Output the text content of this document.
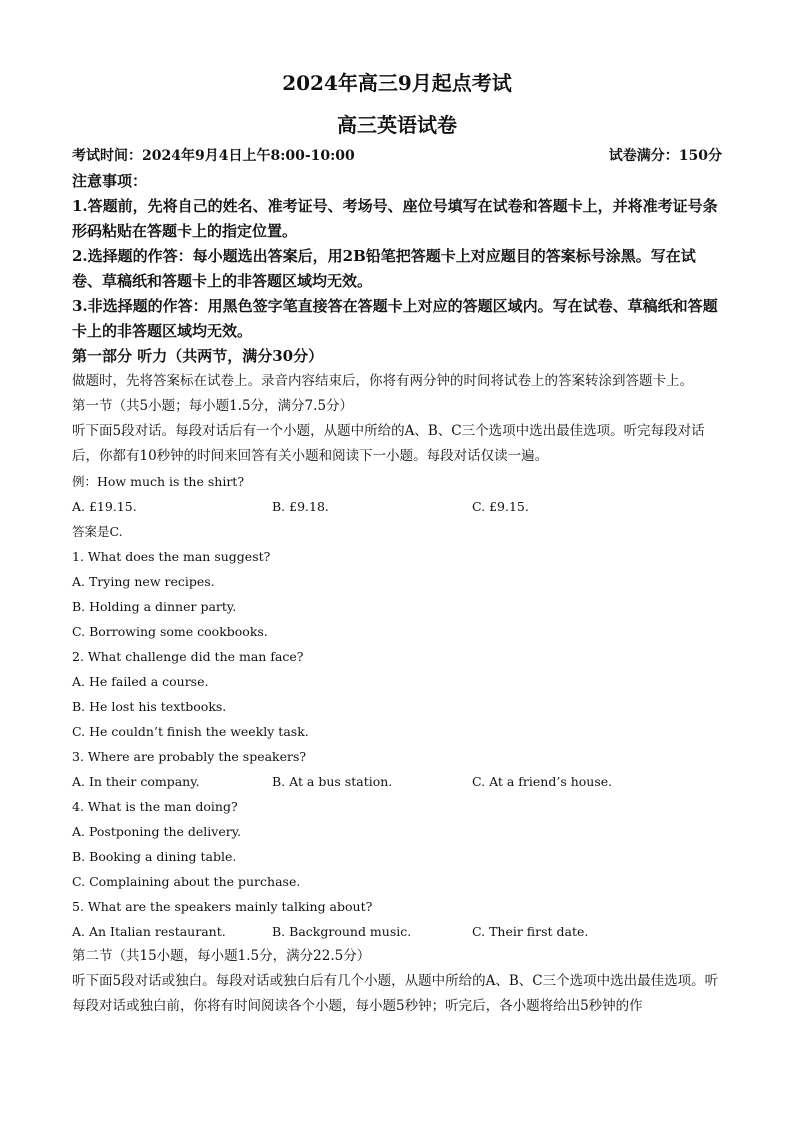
2024年高三9月起点考试
高三英语试卷
考试时间：2024年9月4日上午8:00-10:00	试卷满分：150分
注意事项：
1.答题前，先将自己的姓名、准考证号、考场号、座位号填写在试卷和答题卡上，并将准考证号条形码粘贴在答题卡上的指定位置。
2.选择题的作答：每小题选出答案后，用2B铅笔把答题卡上对应题目的答案标号涂黑。写在试卷、草稿纸和答题卡上的非答题区域均无效。
3.非选择题的作答：用黑色签字笔直接答在答题卡上对应的答题区域内。写在试卷、草稿纸和答题卡上的非答题区域均无效。
第一部分 听力（共两节，满分30分）
做题时，先将答案标在试卷上。录音内容结束后，你将有两分钟的时间将试卷上的答案转涂到答题卡上。
第一节（共5小题；每小题1.5分，满分7.5分）
听下面5段对话。每段对话后有一个小题，从题中所给的A、B、C三个选项中选出最佳选项。听完每段对话后，你都有10秒钟的时间来回答有关小题和阅读下一小题。每段对话仅读一遍。
例：How much is the shirt?
A. £19.15.	B. £9.18.	C. £9.15.
答案是C.
1. What does the man suggest?
A. Trying new recipes.
B. Holding a dinner party.
C. Borrowing some cookbooks.
2. What challenge did the man face?
A. He failed a course.
B. He lost his textbooks.
C. He couldn’t finish the weekly task.
3. Where are probably the speakers?
A. In their company.	B. At a bus station.	C. At a friend’s house.
4. What is the man doing?
A. Postponing the delivery.
B. Booking a dining table.
C. Complaining about the purchase.
5. What are the speakers mainly talking about?
A. An Italian restaurant.	B. Background music.	C. Their first date.
第二节（共15小题，每小题1.5分，满分22.5分）
听下面5段对话或独白。每段对话或独白后有几个小题，从题中所给的A、B、C三个选项中选出最佳选项。听每段对话或独白前，你将有时间阅读各个小题，每小题5秒钟；听完后，各小题将给出5秒钟的作
